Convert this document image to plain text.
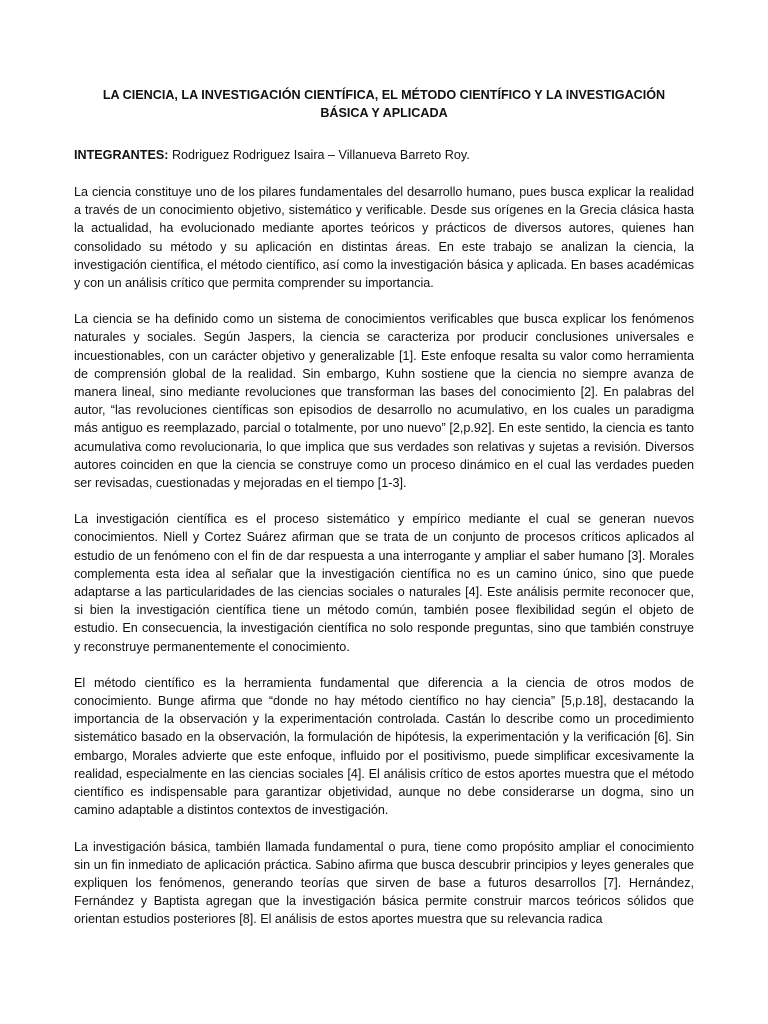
LA CIENCIA, LA INVESTIGACIÓN CIENTÍFICA, EL MÉTODO CIENTÍFICO Y LA INVESTIGACIÓN BÁSICA Y APLICADA
INTEGRANTES: Rodriguez Rodriguez Isaira – Villanueva Barreto Roy.
La ciencia constituye uno de los pilares fundamentales del desarrollo humano, pues busca explicar la realidad a través de un conocimiento objetivo, sistemático y verificable. Desde sus orígenes en la Grecia clásica hasta la actualidad, ha evolucionado mediante aportes teóricos y prácticos de diversos autores, quienes han consolidado su método y su aplicación en distintas áreas. En este trabajo se analizan la ciencia, la investigación científica, el método científico, así como la investigación básica y aplicada. En bases académicas y con un análisis crítico que permita comprender su importancia.
La ciencia se ha definido como un sistema de conocimientos verificables que busca explicar los fenómenos naturales y sociales. Según Jaspers, la ciencia se caracteriza por producir conclusiones universales e incuestionables, con un carácter objetivo y generalizable [1]. Este enfoque resalta su valor como herramienta de comprensión global de la realidad. Sin embargo, Kuhn sostiene que la ciencia no siempre avanza de manera lineal, sino mediante revoluciones que transforman las bases del conocimiento [2]. En palabras del autor, “las revoluciones científicas son episodios de desarrollo no acumulativo, en los cuales un paradigma más antiguo es reemplazado, parcial o totalmente, por uno nuevo” [2,p.92]. En este sentido, la ciencia es tanto acumulativa como revolucionaria, lo que implica que sus verdades son relativas y sujetas a revisión. Diversos autores coinciden en que la ciencia se construye como un proceso dinámico en el cual las verdades pueden ser revisadas, cuestionadas y mejoradas en el tiempo [1-3].
La investigación científica es el proceso sistemático y empírico mediante el cual se generan nuevos conocimientos. Niell y Cortez Suárez afirman que se trata de un conjunto de procesos críticos aplicados al estudio de un fenómeno con el fin de dar respuesta a una interrogante y ampliar el saber humano [3]. Morales complementa esta idea al señalar que la investigación científica no es un camino único, sino que puede adaptarse a las particularidades de las ciencias sociales o naturales [4]. Este análisis permite reconocer que, si bien la investigación científica tiene un método común, también posee flexibilidad según el objeto de estudio. En consecuencia, la investigación científica no solo responde preguntas, sino que también construye y reconstruye permanentemente el conocimiento.
El método científico es la herramienta fundamental que diferencia a la ciencia de otros modos de conocimiento. Bunge afirma que “donde no hay método científico no hay ciencia” [5,p.18], destacando la importancia de la observación y la experimentación controlada. Castán lo describe como un procedimiento sistemático basado en la observación, la formulación de hipótesis, la experimentación y la verificación [6]. Sin embargo, Morales advierte que este enfoque, influido por el positivismo, puede simplificar excesivamente la realidad, especialmente en las ciencias sociales [4]. El análisis crítico de estos aportes muestra que el método científico es indispensable para garantizar objetividad, aunque no debe considerarse un dogma, sino un camino adaptable a distintos contextos de investigación.
La investigación básica, también llamada fundamental o pura, tiene como propósito ampliar el conocimiento sin un fin inmediato de aplicación práctica. Sabino afirma que busca descubrir principios y leyes generales que expliquen los fenómenos, generando teorías que sirven de base a futuros desarrollos [7]. Hernández, Fernández y Baptista agregan que la investigación básica permite construir marcos teóricos sólidos que orientan estudios posteriores [8]. El análisis de estos aportes muestra que su relevancia radica
